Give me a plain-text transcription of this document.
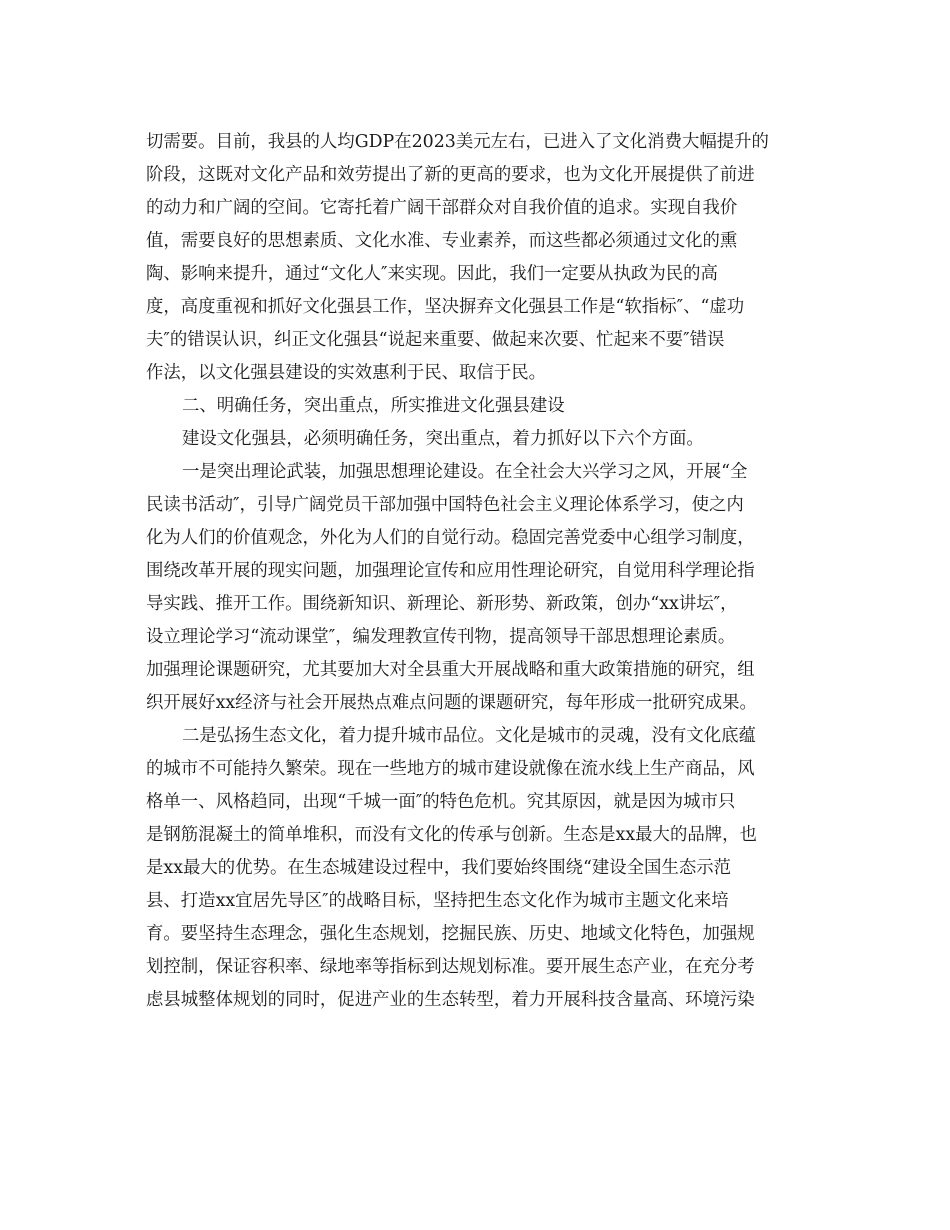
切需要。目前，我县的人均GDP在2023美元左右，已进入了文化消费大幅提升的
阶段，这既对文化产品和效劳提出了新的更高的要求，也为文化开展提供了前进
的动力和广阔的空间。它寄托着广阔干部群众对自我价值的追求。实现自我价
值，需要良好的思想素质、文化水准、专业素养，而这些都必须通过文化的熏
陶、影响来提升，通过“文化人″来实现。因此，我们一定要从执政为民的高
度，高度重视和抓好文化强县工作，坚决摒弃文化强县工作是“软指标″、“虚功
夫″的错误认识，纠正文化强县“说起来重要、做起来次要、忙起来不要″错误
作法，以文化强县建设的实效惠利于民、取信于民。
二、明确任务，突出重点，所实推进文化强县建设
建设文化强县，必须明确任务，突出重点，着力抓好以下六个方面。
一是突出理论武装，加强思想理论建设。在全社会大兴学习之风，开展“全
民读书活动″，引导广阔党员干部加强中国特色社会主义理论体系学习，使之内
化为人们的价值观念，外化为人们的自觉行动。稳固完善党委中心组学习制度，
围绕改革开展的现实问题，加强理论宣传和应用性理论研究，自觉用科学理论指
导实践、推开工作。围绕新知识、新理论、新形势、新政策，创办“xx讲坛″，
设立理论学习“流动课堂″，编发理教宣传刊物，提高领导干部思想理论素质。
加强理论课题研究，尤其要加大对全县重大开展战略和重大政策措施的研究，组
织开展好xx经济与社会开展热点难点问题的课题研究，每年形成一批研究成果。
二是弘扬生态文化，着力提升城市品位。文化是城市的灵魂，没有文化底蕴
的城市不可能持久繁荣。现在一些地方的城市建设就像在流水线上生产商品，风
格单一、风格趋同，出现“千城一面″的特色危机。究其原因，就是因为城市只
是钢筋混凝土的简单堆积，而没有文化的传承与创新。生态是xx最大的品牌，也
是xx最大的优势。在生态城建设过程中，我们要始终围绕“建设全国生态示范
县、打造xx宜居先导区″的战略目标，坚持把生态文化作为城市主题文化来培
育。要坚持生态理念，强化生态规划，挖掘民族、历史、地域文化特色，加强规
划控制，保证容积率、绿地率等指标到达规划标准。要开展生态产业，在充分考
虑县城整体规划的同时，促进产业的生态转型，着力开展科技含量高、环境污染
